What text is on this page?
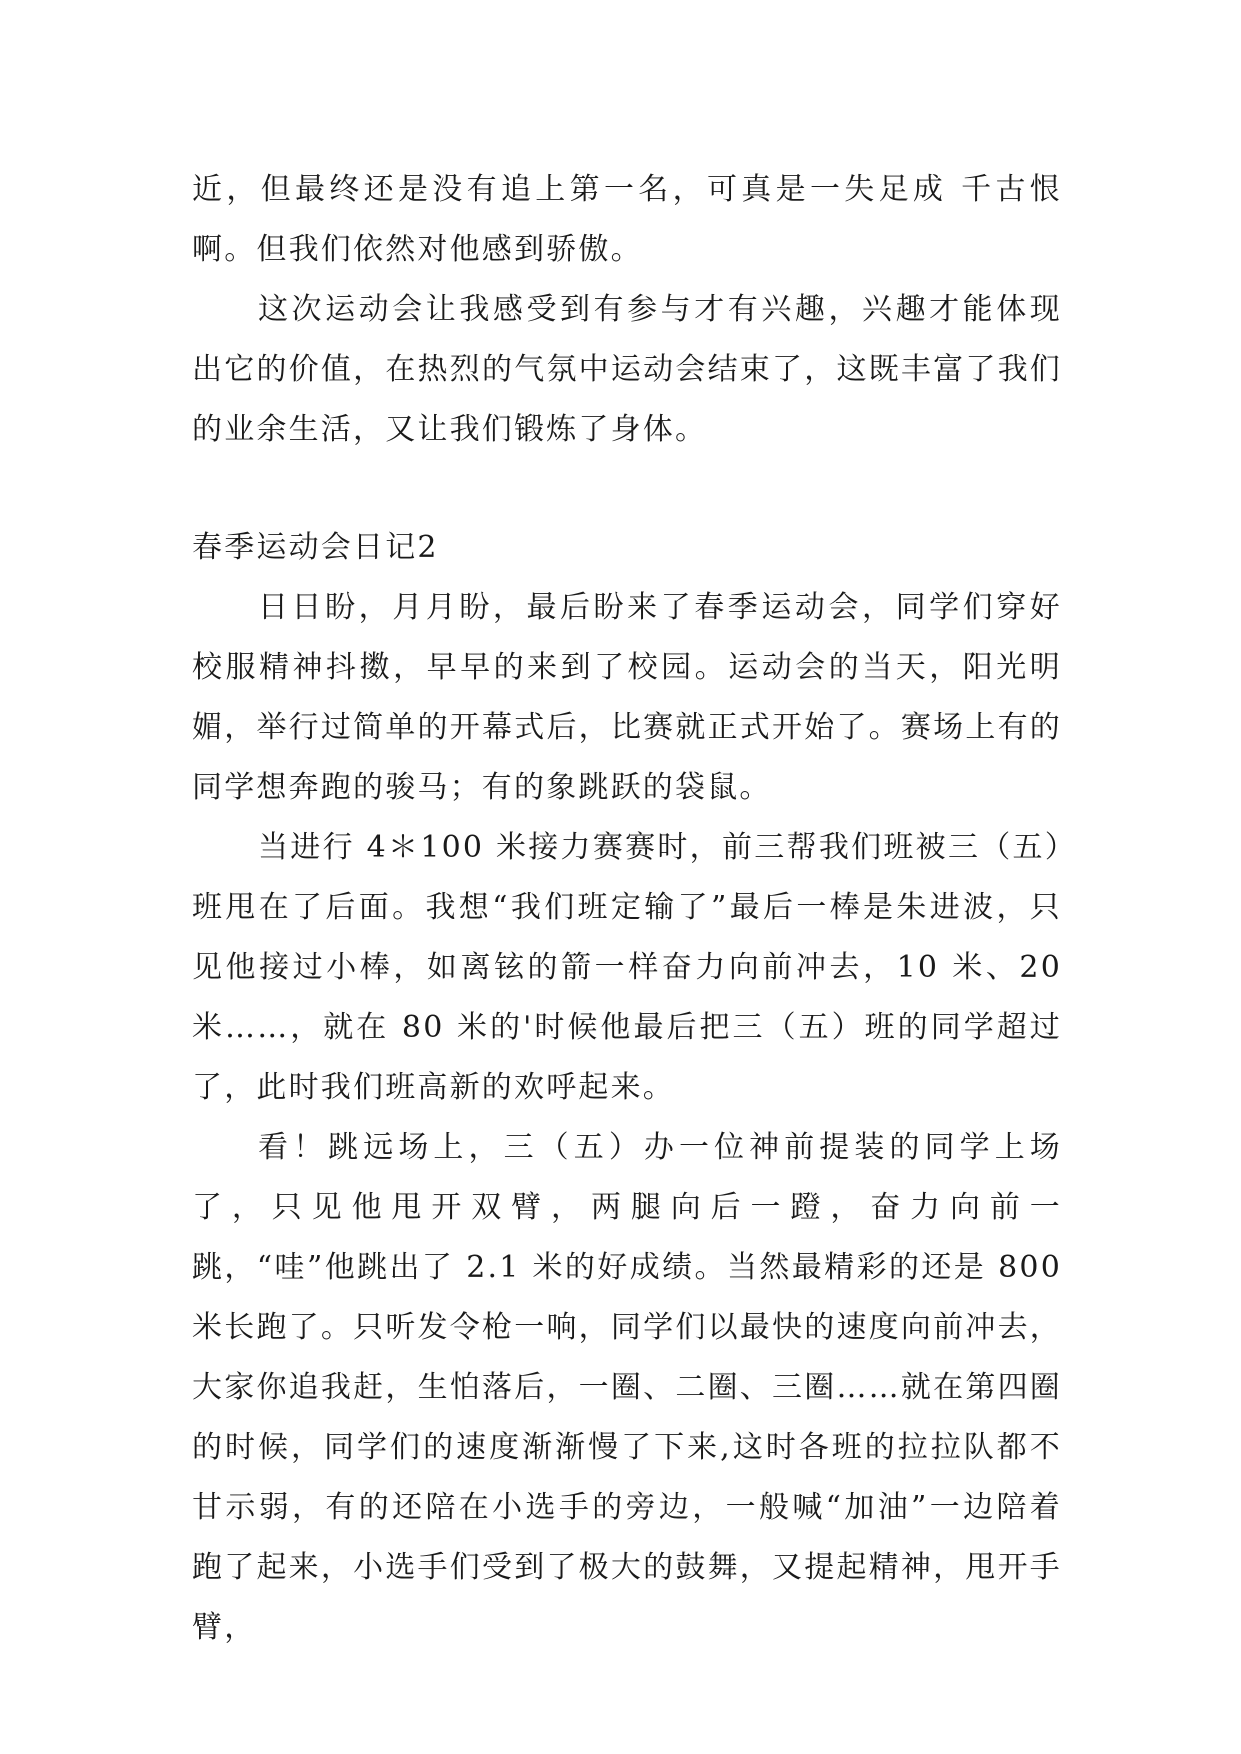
近，但最终还是没有追上第一名，可真是一失足成 千古恨啊。但我们依然对他感到骄傲。

这次运动会让我感受到有参与才有兴趣，兴趣才能体现出它的价值，在热烈的气氛中运动会结束了，这既丰富了我们的业余生活，又让我们锻炼了身体。

春季运动会日记2

日日盼，月月盼，最后盼来了春季运动会，同学们穿好校服精神抖擞，早早的来到了校园。运动会的当天，阳光明媚，举行过简单的开幕式后，比赛就正式开始了。赛场上有的同学想奔跑的骏马；有的象跳跃的袋鼠。

当进行 4＊100 米接力赛赛时，前三帮我们班被三（五）班甩在了后面。我想“我们班定输了”最后一棒是朱进波，只见他接过小棒，如离铉的箭一样奋力向前冲去，10 米、20 米……，就在 80 米的'时候他最后把三（五）班的同学超过了，此时我们班高新的欢呼起来。

看！跳远场上，三（五）办一位神前提装的同学上场了，只见他甩开双臂，两腿向后一蹬，奋力向前一跳，“哇”他跳出了 2.1 米的好成绩。当然最精彩的还是 800 米长跑了。只听发令枪一响，同学们以最快的速度向前冲去，大家你追我赶，生怕落后，一圈、二圈、三圈……就在第四圈的时候，同学们的速度渐渐慢了下来,这时各班的拉拉队都不甘示弱，有的还陪在小选手的旁边，一般喊“加油”一边陪着跑了起来，小选手们受到了极大的鼓舞，又提起精神，甩开手臂，
